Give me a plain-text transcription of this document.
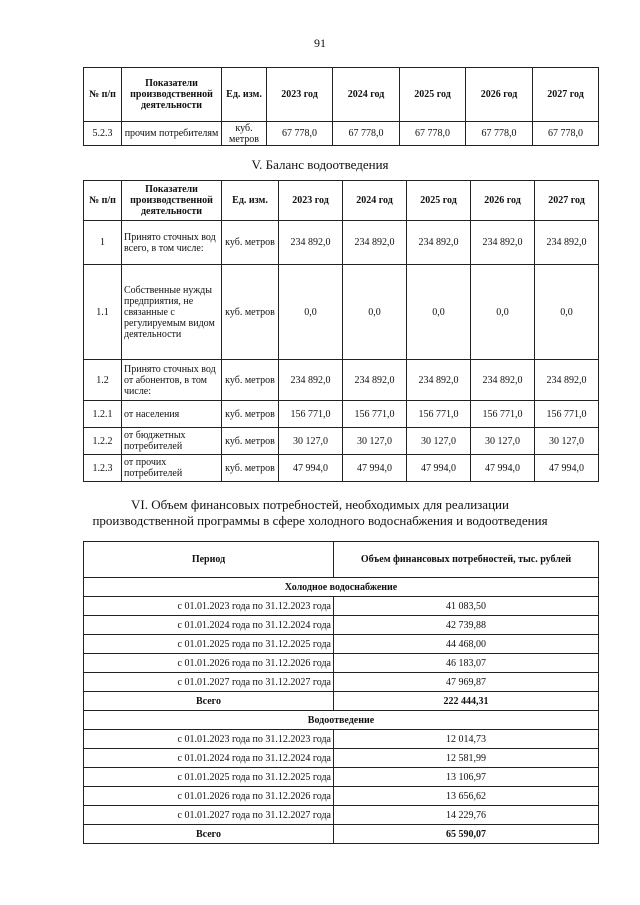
91
№ п/п	Показатели производственной деятельности	Ед. изм.	2023 год	2024 год	2025 год	2026 год	2027 год
5.2.3	прочим потребителям	куб. метров	67 778,0	67 778,0	67 778,0	67 778,0	67 778,0
V. Баланс водоотведения
№ п/п	Показатели производственной деятельности	Ед. изм.	2023 год	2024 год	2025 год	2026 год	2027 год
1	Принято сточных вод всего, в том числе:	куб. метров	234 892,0	234 892,0	234 892,0	234 892,0	234 892,0
1.1	Собственные нужды предприятия, не связанные с регулируемым видом деятельности	куб. метров	0,0	0,0	0,0	0,0	0,0
1.2	Принято сточных вод от абонентов, в том числе:	куб. метров	234 892,0	234 892,0	234 892,0	234 892,0	234 892,0
1.2.1	от населения	куб. метров	156 771,0	156 771,0	156 771,0	156 771,0	156 771,0
1.2.2	от бюджетных потребителей	куб. метров	30 127,0	30 127,0	30 127,0	30 127,0	30 127,0
1.2.3	от прочих потребителей	куб. метров	47 994,0	47 994,0	47 994,0	47 994,0	47 994,0
VI. Объем финансовых потребностей, необходимых для реализации
производственной программы в сфере холодного водоснабжения и водоотведения
Период	Объем финансовых потребностей, тыс. рублей
Холодное водоснабжение	
с 01.01.2023 года по 31.12.2023 года	41 083,50
с 01.01.2024 года по 31.12.2024 года	42 739,88
с 01.01.2025 года по 31.12.2025 года	44 468,00
с 01.01.2026 года по 31.12.2026 года	46 183,07
с 01.01.2027 года по 31.12.2027 года	47 969,87
Всего	222 444,31
Водоотведение	
с 01.01.2023 года по 31.12.2023 года	12 014,73
с 01.01.2024 года по 31.12.2024 года	12 581,99
с 01.01.2025 года по 31.12.2025 года	13 106,97
с 01.01.2026 года по 31.12.2026 года	13 656,62
с 01.01.2027 года по 31.12.2027 года	14 229,76
Всего	65 590,07
